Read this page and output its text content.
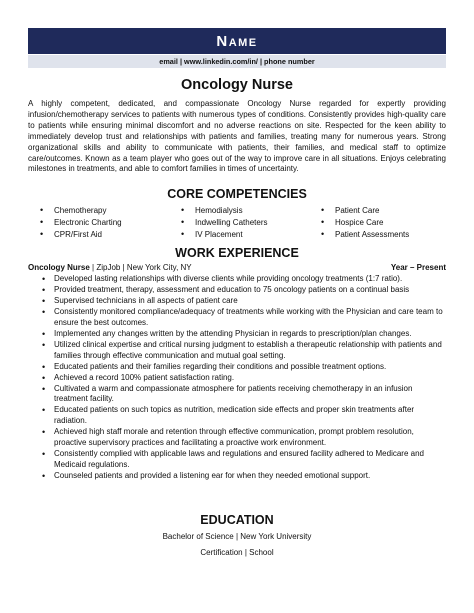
N ame
email | www.linkedin.com/in/ | phone number
Oncology Nurse

A highly competent, dedicated, and compassionate Oncology Nurse regarded for expertly providing infusion/chemotherapy services to patients with numerous types of conditions. Consistently provides high-quality care to patients while ensuring minimal discomfort and no adverse reactions on site. Respected for the keen ability to immediately develop trust and relationships with patients and families, treating many for numerous years. Strong organizational skills and ability to communicate with patients, their families, and medical staff to optimize care/outcomes. Known as a team player who goes out of the way to improve care in all situations. Enjoys celebrating milestones in treatments, and able to comfort families in times of uncertainty.

CORE COMPETENCIES
• Chemotherapy
• Electronic Charting
• CPR/First Aid
• Hemodialysis
• Indwelling Catheters
• IV Placement
• Patient Care
• Hospice Care
• Patient Assessments
WORK EXPERIENCE
Oncology Nurse | ZipJob | New York City, NY	Year – Present
• Developed lasting relationships with diverse clients while providing oncology treatments (1:7 ratio).
• Provided treatment, therapy, assessment and education to 75 oncology patients on a continual basis
• Supervised technicians in all aspects of patient care
• Consistently monitored compliance/adequacy of treatments while working with the Physician and care team to ensure the best outcomes.
• Implemented any changes written by the attending Physician in regards to prescription/plan changes.
• Utilized clinical expertise and critical nursing judgment to establish a therapeutic relationship with patients and families through effective communication and mutual goal setting.
• Educated patients and their families regarding their conditions and possible treatment options.
• Achieved a record 100% patient satisfaction rating.
• Cultivated a warm and compassionate atmosphere for patients receiving chemotherapy in an infusion treatment facility.
• Educated patients on such topics as nutrition, medication side effects and proper skin treatments after radiation.
• Achieved high staff morale and retention through effective communication, prompt problem resolution, proactive supervisory practices and facilitating a proactive work environment.
• Consistently complied with applicable laws and regulations and ensured facility adhered to Medicare and Medicaid regulations.
• Counseled patients and provided a listening ear for when they needed emotional support.
EDUCATION
Bachelor of Science | New York University
Certification | School
